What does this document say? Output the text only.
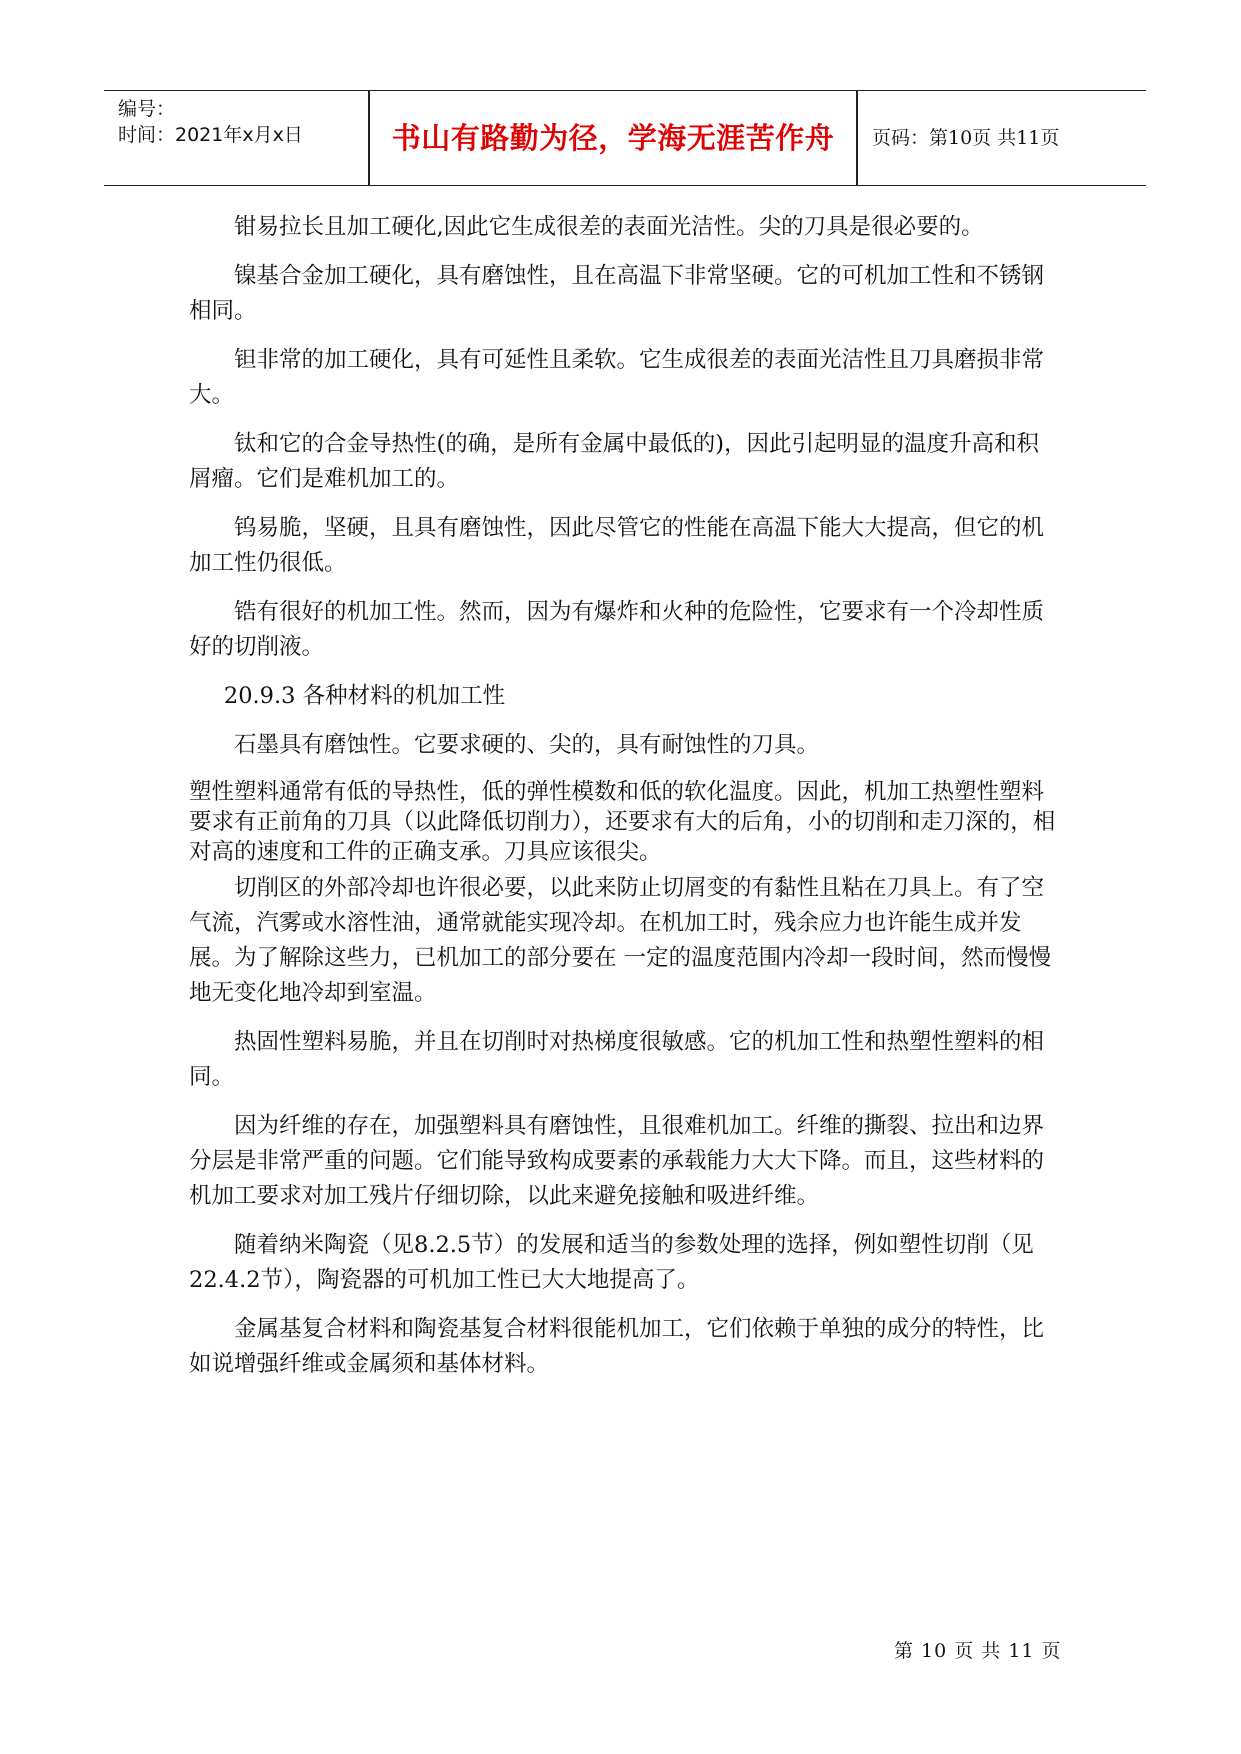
编号：
时间：2021年x月x日	书山有路勤为径，学海无涯苦作舟	页码：第10页 共11页

钳易拉长且加工硬化,因此它生成很差的表面光洁性。尖的刀具是很必要的。

镍基合金加工硬化，具有磨蚀性，且在高温下非常坚硬。它的可机加工性和不锈钢相同。

钽非常的加工硬化，具有可延性且柔软。它生成很差的表面光洁性且刀具磨损非常大。

钛和它的合金导热性(的确，是所有金属中最低的)，因此引起明显的温度升高和积屑瘤。它们是难机加工的。

钨易脆，坚硬，且具有磨蚀性，因此尽管它的性能在高温下能大大提高，但它的机加工性仍很低。

锆有很好的机加工性。然而，因为有爆炸和火种的危险性，它要求有一个冷却性质好的切削液。

20.9.3 各种材料的机加工性

石墨具有磨蚀性。它要求硬的、尖的，具有耐蚀性的刀具。

塑性塑料通常有低的导热性，低的弹性模数和低的软化温度。因此，机加工热塑性塑料要求有正前角的刀具（以此降低切削力），还要求有大的后角，小的切削和走刀深的，相对高的速度和工件的正确支承。刀具应该很尖。

切削区的外部冷却也许很必要，以此来防止切屑变的有黏性且粘在刀具上。有了空气流，汽雾或水溶性油，通常就能实现冷却。在机加工时，残余应力也许能生成并发展。为了解除这些力，已机加工的部分要在 一定的温度范围内冷却一段时间，然而慢慢地无变化地冷却到室温。

热固性塑料易脆，并且在切削时对热梯度很敏感。它的机加工性和热塑性塑料的相同。

因为纤维的存在，加强塑料具有磨蚀性，且很难机加工。纤维的撕裂、拉出和边界分层是非常严重的问题。它们能导致构成要素的承载能力大大下降。而且，这些材料的机加工要求对加工残片仔细切除，以此来避免接触和吸进纤维。

随着纳米陶瓷（见8.2.5节）的发展和适当的参数处理的选择，例如塑性切削（见22.4.2节），陶瓷器的可机加工性已大大地提高了。

金属基复合材料和陶瓷基复合材料很能机加工，它们依赖于单独的成分的特性，比如说增强纤维或金属须和基体材料。

第 10 页 共 11 页
